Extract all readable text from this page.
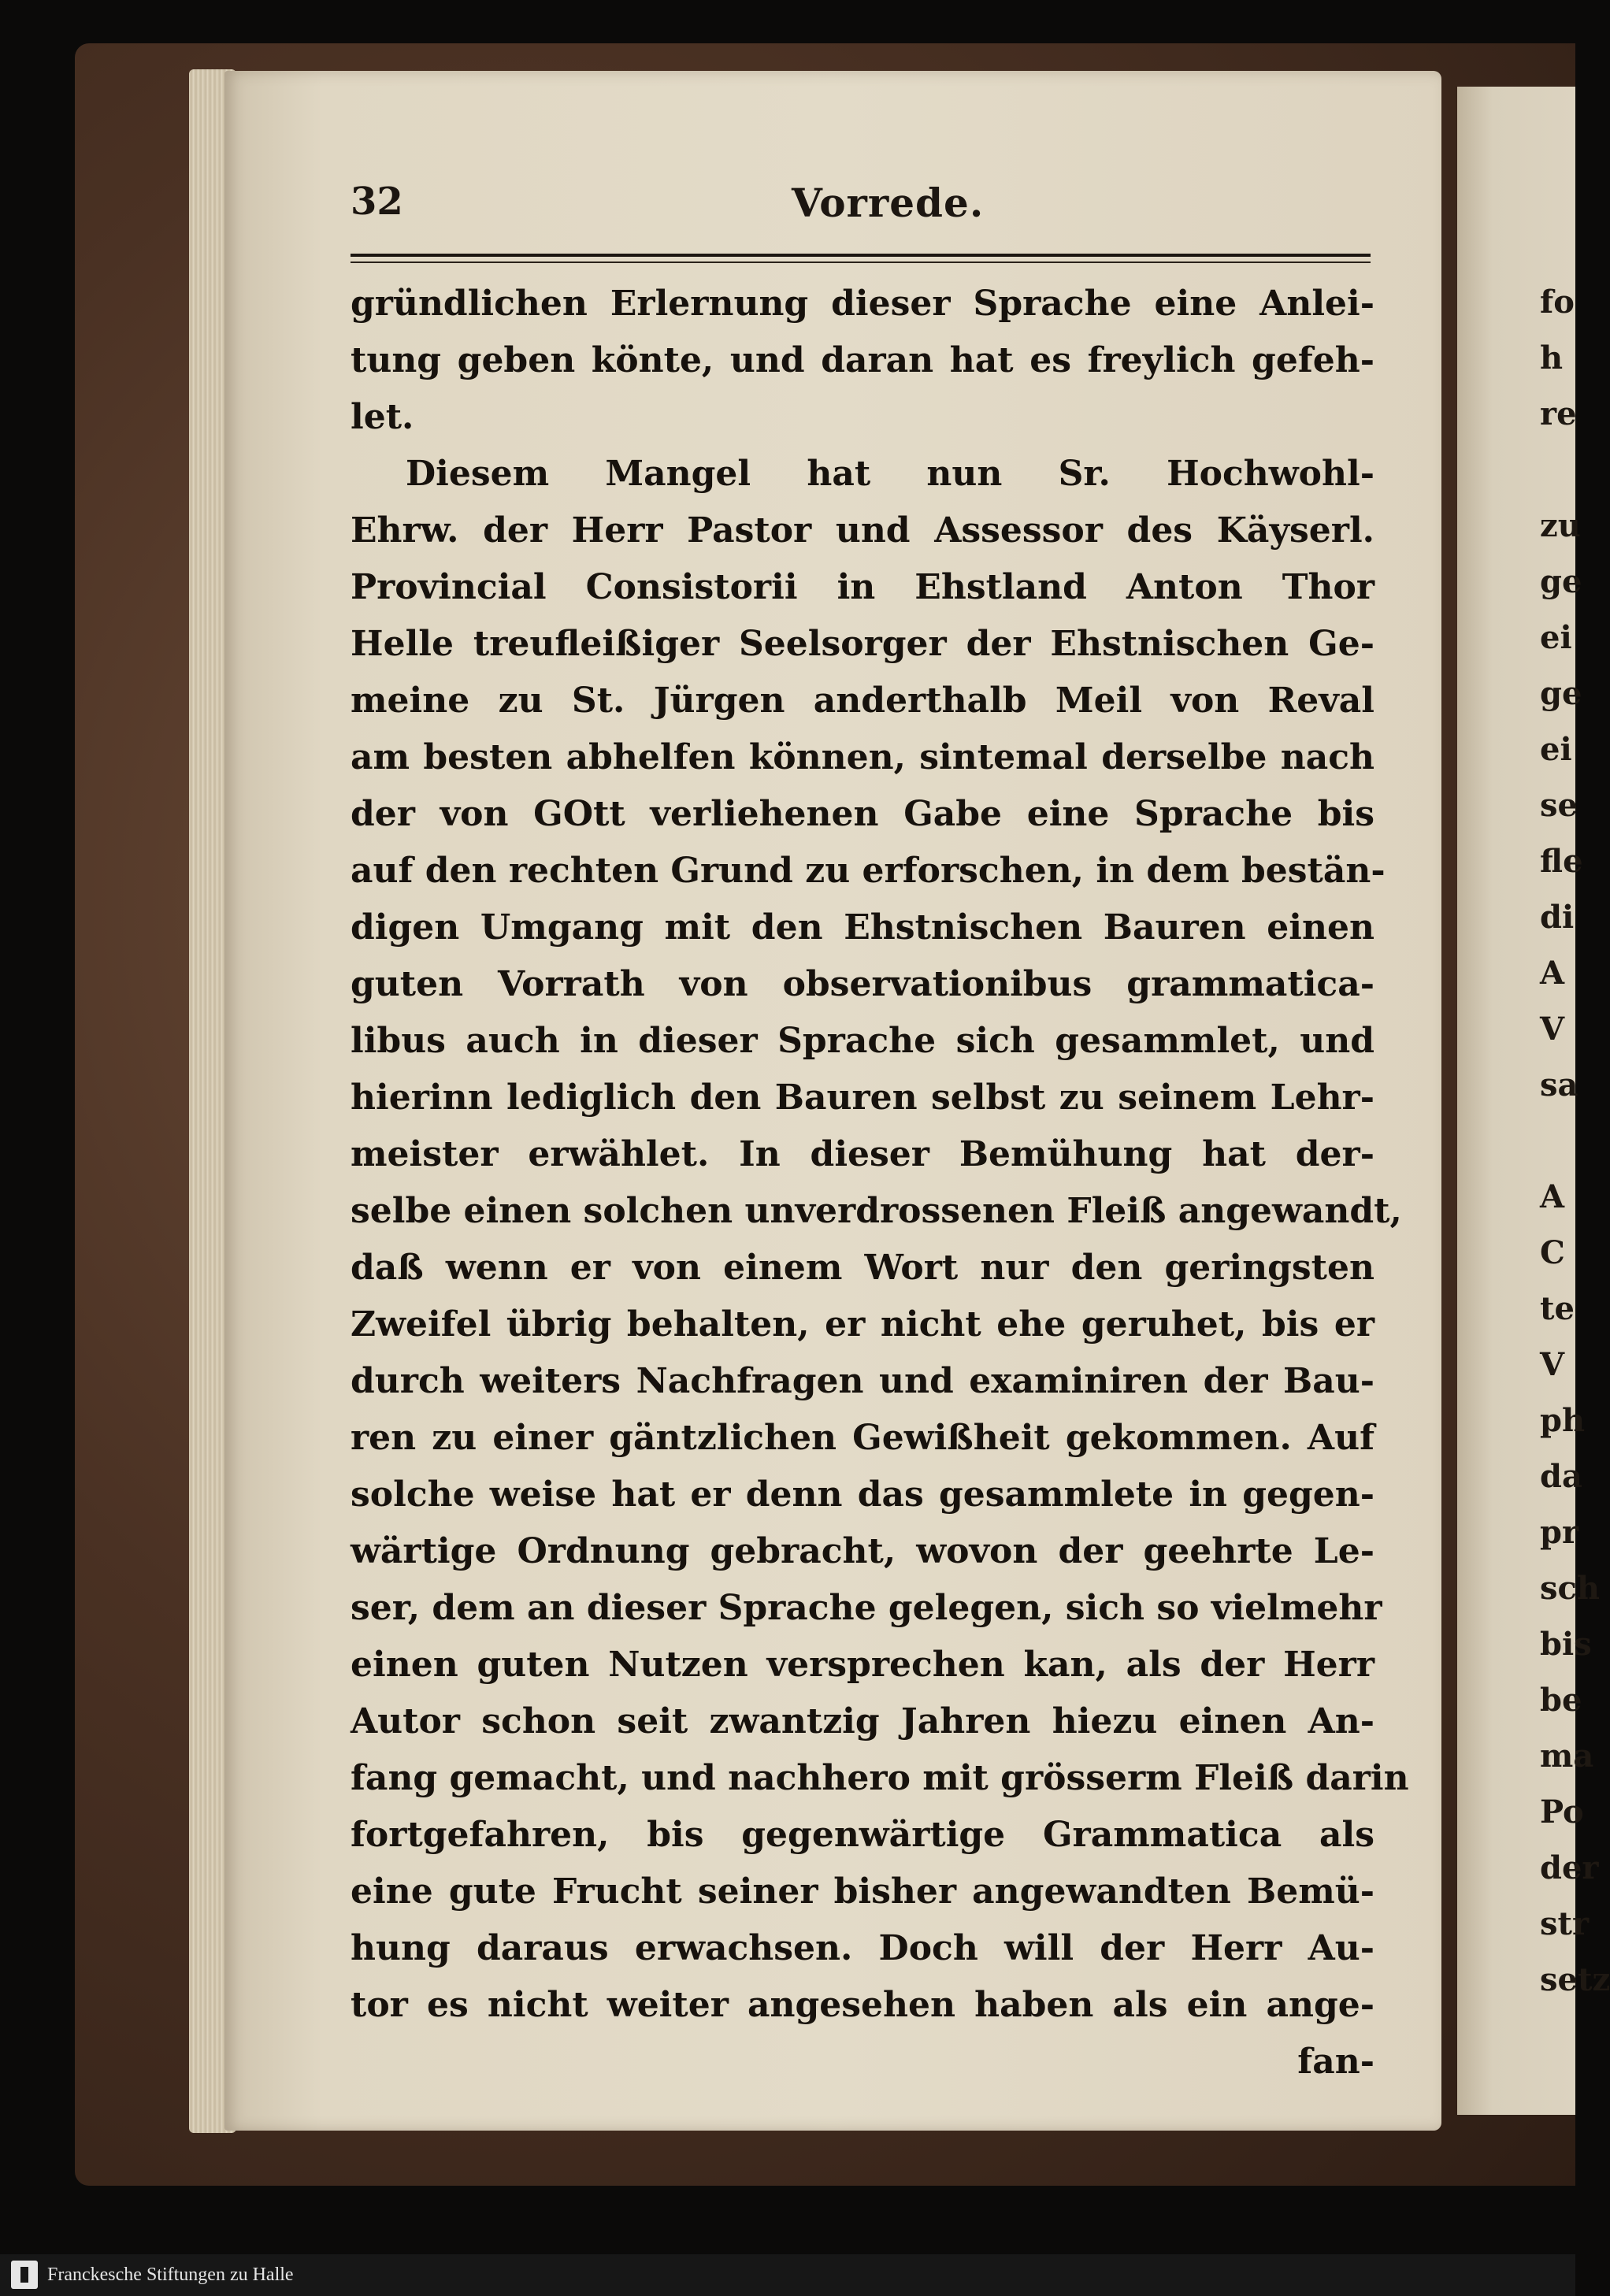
fo
h
re
zu
ge
ei
ge
ei
se
fle
di
A
V
sa
A
C
te
V
ph
da
pr
sch
bis
be
ma
Po
der
str
setz
32	Vorrede.
gründlichen Erlernung dieser Sprache eine Anlei-
tung geben könte, und daran hat es freylich gefeh-
let.
Diesem Mangel hat nun Sr. Hochwohl-
Ehrw. der Herr Pastor und Assessor des Käyserl.
Provincial Consistorii in Ehstland Anton Thor
Helle treufleißiger Seelsorger der Ehstnischen Ge-
meine zu St. Jürgen anderthalb Meil von Reval
am besten abhelfen können, sintemal derselbe nach
der von GOtt verliehenen Gabe eine Sprache bis
auf den rechten Grund zu erforschen, in dem bestän-
digen Umgang mit den Ehstnischen Bauren einen
guten Vorrath von observationibus grammatica-
libus auch in dieser Sprache sich gesammlet, und
hierinn lediglich den Bauren selbst zu seinem Lehr-
meister erwählet. In dieser Bemühung hat der-
selbe einen solchen unverdrossenen Fleiß angewandt,
daß wenn er von einem Wort nur den geringsten
Zweifel übrig behalten, er nicht ehe geruhet, bis er
durch weiters Nachfragen und examiniren der Bau-
ren zu einer gäntzlichen Gewißheit gekommen. Auf
solche weise hat er denn das gesammlete in gegen-
wärtige Ordnung gebracht, wovon der geehrte Le-
ser, dem an dieser Sprache gelegen, sich so vielmehr
einen guten Nutzen versprechen kan, als der Herr
Autor schon seit zwantzig Jahren hiezu einen An-
fang gemacht, und nachhero mit grösserm Fleiß darin
fortgefahren, bis gegenwärtige Grammatica als
eine gute Frucht seiner bisher angewandten Bemü-
hung daraus erwachsen. Doch will der Herr Au-
tor es nicht weiter angesehen haben als ein ange-
fan-
Franckesche Stiftungen zu Halle
